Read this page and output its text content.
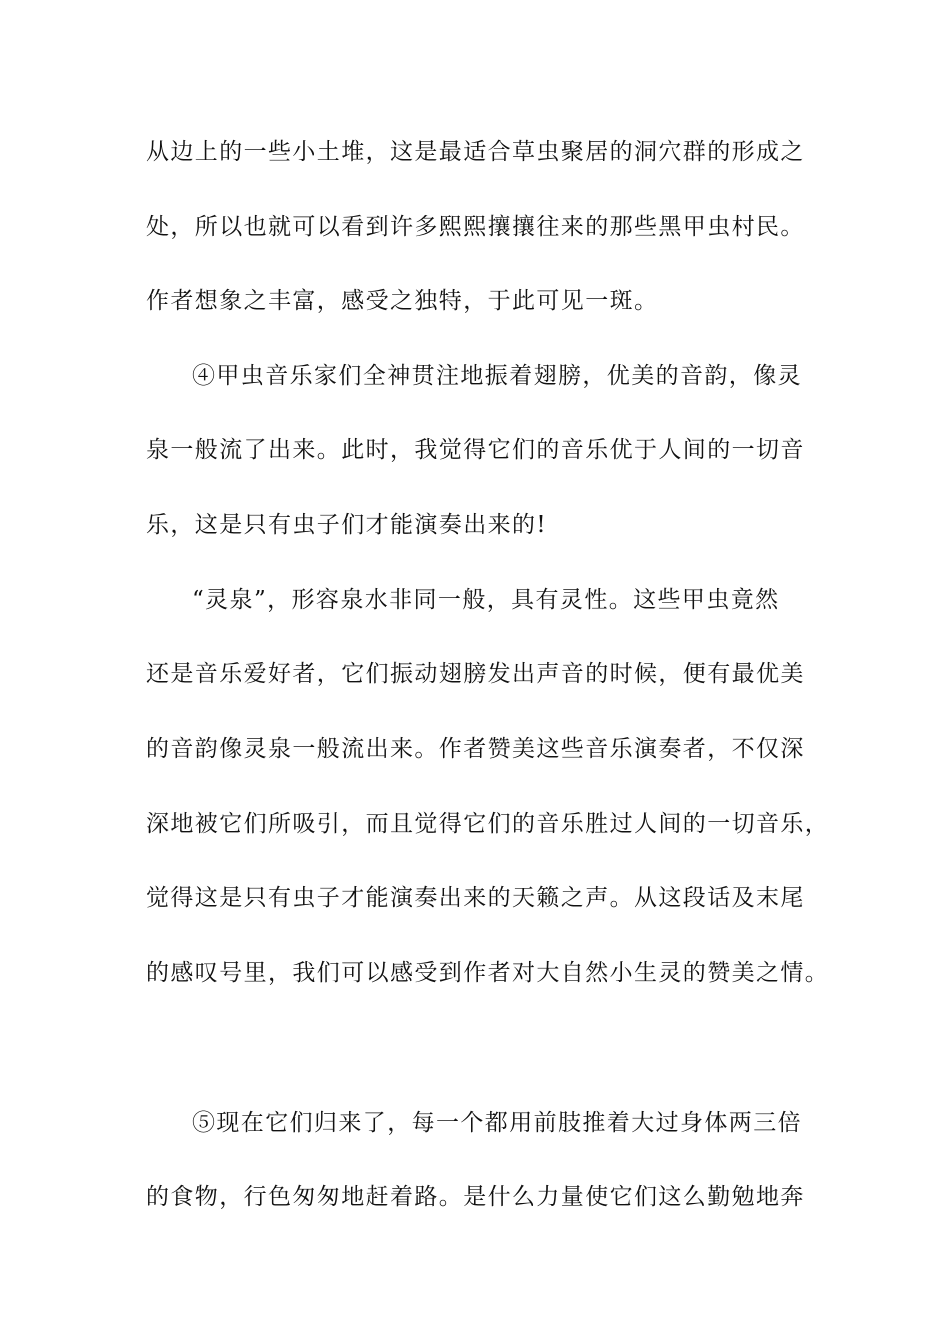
从边上的一些小土堆，这是最适合草虫聚居的洞穴群的形成之
处，所以也就可以看到许多熙熙攘攘往来的那些黑甲虫村民。
作者想象之丰富，感受之独特，于此可见一斑。
④甲虫音乐家们全神贯注地振着翅膀，优美的音韵，像灵
泉一般流了出来。此时，我觉得它们的音乐优于人间的一切音
乐，这是只有虫子们才能演奏出来的!
“灵泉”，形容泉水非同一般，具有灵性。这些甲虫竟然
还是音乐爱好者，它们振动翅膀发出声音的时候，便有最优美
的音韵像灵泉一般流出来。作者赞美这些音乐演奏者，不仅深
深地被它们所吸引，而且觉得它们的音乐胜过人间的一切音乐，
觉得这是只有虫子才能演奏出来的天籁之声。从这段话及末尾
的感叹号里，我们可以感受到作者对大自然小生灵的赞美之情。
⑤现在它们归来了，每一个都用前肢推着大过身体两三倍
的食物，行色匆匆地赶着路。是什么力量使它们这么勤勉地奔
